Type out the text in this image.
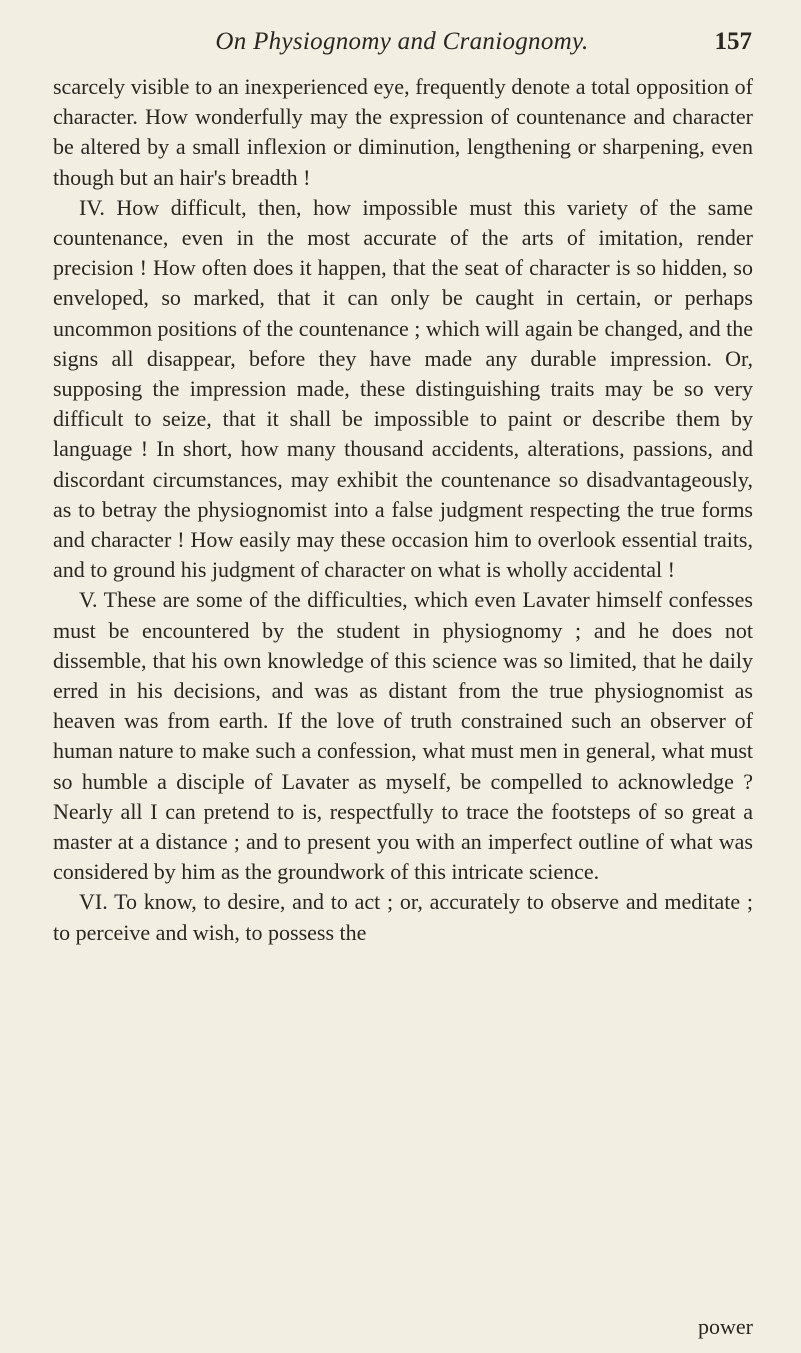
On Physiognomy and Craniognomy.	157

scarcely visible to an inexperienced eye, frequently denote a total opposition of character. How wonderfully may the expression of countenance and character be altered by a small inflexion or diminution, lengthening or sharpening, even though but an hair's breadth !

IV. How difficult, then, how impossible must this variety of the same countenance, even in the most accurate of the arts of imitation, render precision ! How often does it happen, that the seat of character is so hidden, so enveloped, so marked, that it can only be caught in certain, or perhaps uncommon positions of the countenance ; which will again be changed, and the signs all disappear, before they have made any durable impression. Or, supposing the impression made, these distinguishing traits may be so very difficult to seize, that it shall be impossible to paint or describe them by language ! In short, how many thousand accidents, alterations, passions, and discordant circumstances, may exhibit the countenance so disadvantageously, as to betray the physiognomist into a false judgment respecting the true forms and character ! How easily may these occasion him to overlook essential traits, and to ground his judgment of character on what is wholly accidental !

V. These are some of the difficulties, which even Lavater himself confesses must be encountered by the student in physiognomy ; and he does not dissemble, that his own knowledge of this science was so limited, that he daily erred in his decisions, and was as distant from the true physiognomist as heaven was from earth. If the love of truth constrained such an observer of human nature to make such a confession, what must men in general, what must so humble a disciple of Lavater as myself, be compelled to acknowledge ? Nearly all I can pretend to is, respectfully to trace the footsteps of so great a master at a distance ; and to present you with an imperfect outline of what was considered by him as the groundwork of this intricate science.

VI. To know, to desire, and to act ; or, accurately to observe and meditate ; to perceive and wish, to possess the

power
